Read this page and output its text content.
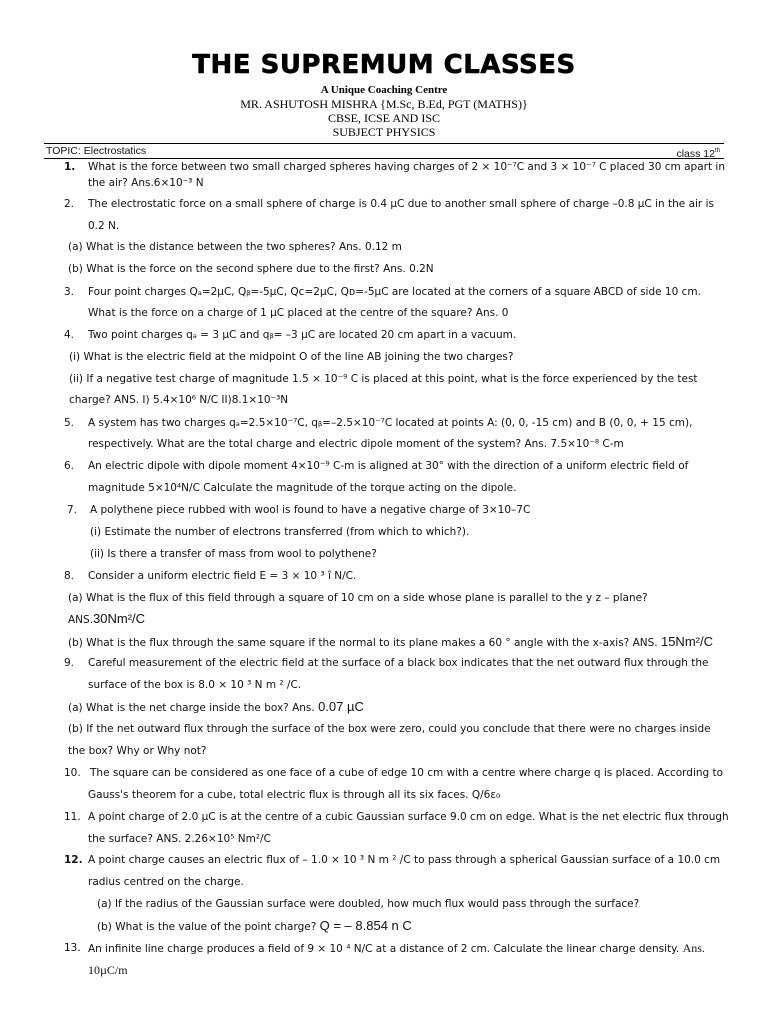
THE SUPREMUM CLASSES
A Unique Coaching Centre
MR. ASHUTOSH MISHRA {M.Sc, B.Ed, PGT (MATHS)}
CBSE, ICSE AND ISC
SUBJECT PHYSICS
TOPIC: Electrostatics	class 12th
1. What is the force between two small charged spheres having charges of 2 × 10⁻⁷C and 3 × 10⁻⁷ C placed 30 cm apart in
the air? Ans.6×10⁻³ N
2. The electrostatic force on a small sphere of charge is 0.4 µC due to another small sphere of charge –0.8 µC in the air is
0.2 N.
(a) What is the distance between the two spheres? Ans. 0.12 m
(b) What is the force on the second sphere due to the first? Ans. 0.2N
3. Four point charges Qₐ=2µC, Qᵦ=-5µC, Qc=2µC, Qᴅ=-5µC are located at the corners of a square ABCD of side 10 cm.
What is the force on a charge of 1 µC placed at the centre of the square? Ans. 0
4. Two point charges qₐ = 3 µC and qᵦ= –3 µC are located 20 cm apart in a vacuum.
(i) What is the electric field at the midpoint O of the line AB joining the two charges?
(ii) If a negative test charge of magnitude 1.5 × 10⁻⁹ C is placed at this point, what is the force experienced by the test
charge? ANS. I) 5.4×10⁶ N/C II)8.1×10⁻³N
5. A system has two charges qₐ=2.5×10⁻⁷C, qᵦ=–2.5×10⁻⁷C located at points A: (0, 0, -15 cm) and B (0, 0, + 15 cm),
respectively. What are the total charge and electric dipole moment of the system? Ans. 7.5×10⁻⁸ C-m
6. An electric dipole with dipole moment 4×10⁻⁹ C-m is aligned at 30° with the direction of a uniform electric field of
magnitude 5×10⁴N/C Calculate the magnitude of the torque acting on the dipole.
7. A polythene piece rubbed with wool is found to have a negative charge of 3×10–7C
(i) Estimate the number of electrons transferred (from which to which?).
(ii) Is there a transfer of mass from wool to polythene?
8. Consider a uniform electric field E = 3 × 10 ³ î N/C.
(a) What is the flux of this field through a square of 10 cm on a side whose plane is parallel to the y z – plane?
ANS.30Nm²/C
(b) What is the flux through the same square if the normal to its plane makes a 60 ° angle with the x-axis? ANS. 15Nm²/C
9. Careful measurement of the electric field at the surface of a black box indicates that the net outward flux through the
surface of the box is 8.0 × 10 ³ N m ² /C.
(a) What is the net charge inside the box? Ans. 0.07 µC
(b) If the net outward flux through the surface of the box were zero, could you conclude that there were no charges inside
the box? Why or Why not?
10. The square can be considered as one face of a cube of edge 10 cm with a centre where charge q is placed. According to
Gauss's theorem for a cube, total electric flux is through all its six faces. Q/6ε₀
11. A point charge of 2.0 µC is at the centre of a cubic Gaussian surface 9.0 cm on edge. What is the net electric flux through
the surface? ANS. 2.26×10⁵ Nm²/C
12. A point charge causes an electric flux of – 1.0 × 10 ³ N m ² /C to pass through a spherical Gaussian surface of a 10.0 cm
radius centred on the charge.
(a) If the radius of the Gaussian surface were doubled, how much flux would pass through the surface?
(b) What is the value of the point charge? Q = – 8.854 n C
13. An infinite line charge produces a field of 9 × 10 ⁴ N/C at a distance of 2 cm. Calculate the linear charge density. Ans.
10µC/m
